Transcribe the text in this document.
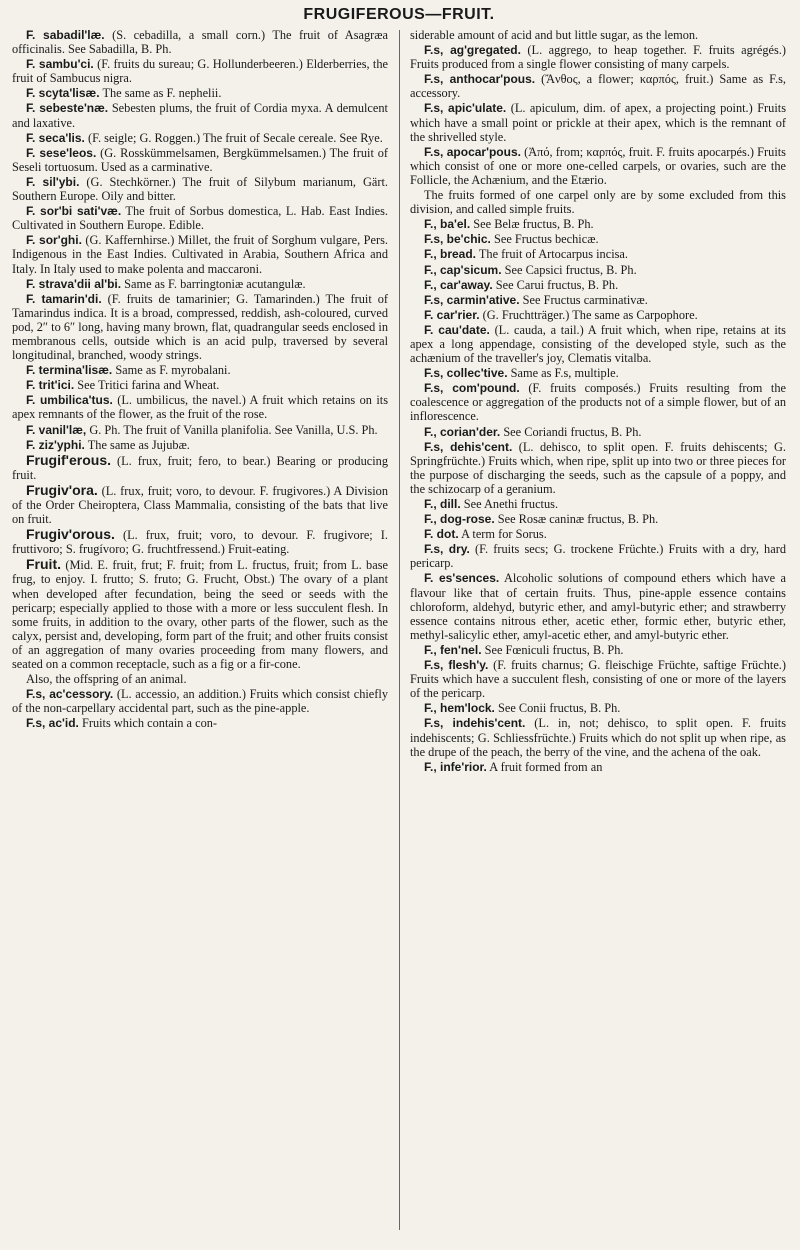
FRUGIFEROUS—FRUIT.

F. sabadil'læ. (S. cebadilla, a small corn.) The fruit of Asagræa officinalis. See Sabadilla, B. Ph.

F. sambu'ci. (F. fruits du sureau; G. Hollunderbeeren.) Elderberries, the fruit of Sambucus nigra.

F. scyta'lisæ. The same as F. nephelii.

F. sebeste'næ. Sebesten plums, the fruit of Cordia myxa. A demulcent and laxative.

F. seca'lis. (F. seigle; G. Roggen.) The fruit of Secale cereale. See Rye.

F. sese'leos. (G. Rosskümmelsamen, Bergkümmelsamen.) The fruit of Seseli tortuosum. Used as a carminative.

F. sil'ybi. (G. Stechkörner.) The fruit of Silybum marianum, Gärt. Southern Europe. Oily and bitter.

F. sor'bi sati'væ. The fruit of Sorbus domestica, L. Hab. East Indies. Cultivated in Southern Europe. Edible.

F. sor'ghi. (G. Kaffernhirse.) Millet, the fruit of Sorghum vulgare, Pers. Indigenous in the East Indies. Cultivated in Arabia, Southern Africa and Italy. In Italy used to make polenta and maccaroni.

F. strava'dii al'bi. Same as F. barringtoniæ acutangulæ.

F. tamarin'di. (F. fruits de tamarinier; G. Tamarinden.) The fruit of Tamarindus indica. It is a broad, compressed, reddish, ash-coloured, curved pod, 2″ to 6″ long, having many brown, flat, quadrangular seeds enclosed in membranous cells, outside which is an acid pulp, traversed by several longitudinal, branched, woody strings.

F. termina'lisæ. Same as F. myrobalani.

F. trit'ici. See Tritici farina and Wheat.

F. umbilica'tus. (L. umbilicus, the navel.) A fruit which retains on its apex remnants of the flower, as the fruit of the rose.

F. vanil'læ, G. Ph. The fruit of Vanilla planifolia. See Vanilla, U.S. Ph.

F. ziz'yphi. The same as Jujubæ.

Frugif'erous. (L. frux, fruit; fero, to bear.) Bearing or producing fruit.

Frugiv'ora. (L. frux, fruit; voro, to devour. F. frugivores.) A Division of the Order Cheiroptera, Class Mammalia, consisting of the bats that live on fruit.

Frugiv'orous. (L. frux, fruit; voro, to devour. F. frugivore; I. fruttivoro; S. frugívoro; G. fruchtfressend.) Fruit-eating.

Fruit. (Mid. E. fruit, frut; F. fruit; from L. fructus, fruit; from L. base frug, to enjoy. I. frutto; S. fruto; G. Frucht, Obst.) The ovary of a plant when developed after fecundation, being the seed or seeds with the pericarp; especially applied to those with a more or less succulent flesh. In some fruits, in addition to the ovary, other parts of the flower, such as the calyx, persist and, developing, form part of the fruit; and other fruits consist of an aggregation of many ovaries proceeding from many flowers, and seated on a common receptacle, such as a fig or a fir-cone.

Also, the offspring of an animal.

F.s, ac'cessory. (L. accessio, an addition.) Fruits which consist chiefly of the non-carpellary accidental part, such as the pine-apple.

F.s, ac'id. Fruits which contain a con-

siderable amount of acid and but little sugar, as the lemon.

F.s, ag'gregated. (L. aggrego, to heap together. F. fruits agrégés.) Fruits produced from a single flower consisting of many carpels.

F.s, anthocar'pous. (Ἄνθος, a flower; καρπός, fruit.) Same as F.s, accessory.

F.s, apic'ulate. (L. apiculum, dim. of apex, a projecting point.) Fruits which have a small point or prickle at their apex, which is the remnant of the shrivelled style.

F.s, apocar'pous. (Ἀπό, from; καρπός, fruit. F. fruits apocarpés.) Fruits which consist of one or more one-celled carpels, or ovaries, such are the Follicle, the Achænium, and the Etærio.

The fruits formed of one carpel only are by some excluded from this division, and called simple fruits.

F., ba'el. See Belæ fructus, B. Ph.

F.s, be'chic. See Fructus bechicæ.

F., bread. The fruit of Artocarpus incisa.

F., cap'sicum. See Capsici fructus, B. Ph.

F., car'away. See Carui fructus, B. Ph.

F.s, carmin'ative. See Fructus carminativæ.

F. car'rier. (G. Fruchtträger.) The same as Carpophore.

F. cau'date. (L. cauda, a tail.) A fruit which, when ripe, retains at its apex a long appendage, consisting of the developed style, such as the achænium of the traveller's joy, Clematis vitalba.

F.s, collec'tive. Same as F.s, multiple.

F.s, com'pound. (F. fruits composés.) Fruits resulting from the coalescence or aggregation of the products not of a simple flower, but of an inflorescence.

F., corian'der. See Coriandi fructus, B. Ph.

F.s, dehis'cent. (L. dehisco, to split open. F. fruits dehiscents; G. Springfrüchte.) Fruits which, when ripe, split up into two or three pieces for the purpose of discharging the seeds, such as the capsule of a poppy, and the schizocarp of a geranium.

F., dill. See Anethi fructus.

F., dog-rose. See Rosæ caninæ fructus, B. Ph.

F. dot. A term for Sorus.

F.s, dry. (F. fruits secs; G. trockene Früchte.) Fruits with a dry, hard pericarp.

F. es'sences. Alcoholic solutions of compound ethers which have a flavour like that of certain fruits. Thus, pine-apple essence contains chloroform, aldehyd, butyric ether, and amyl-butyric ether; and strawberry essence contains nitrous ether, acetic ether, formic ether, butyric ether, methyl-salicylic ether, amyl-acetic ether, and amyl-butyric ether.

F., fen'nel. See Fœniculi fructus, B. Ph.

F.s, flesh'y. (F. fruits charnus; G. fleischige Früchte, saftige Früchte.) Fruits which have a succulent flesh, consisting of one or more of the layers of the pericarp.

F., hem'lock. See Conii fructus, B. Ph.

F.s, indehis'cent. (L. in, not; dehisco, to split open. F. fruits indehiscents; G. Schliessfrüchte.) Fruits which do not split up when ripe, as the drupe of the peach, the berry of the vine, and the achena of the oak.

F., infe'rior. A fruit formed from an
